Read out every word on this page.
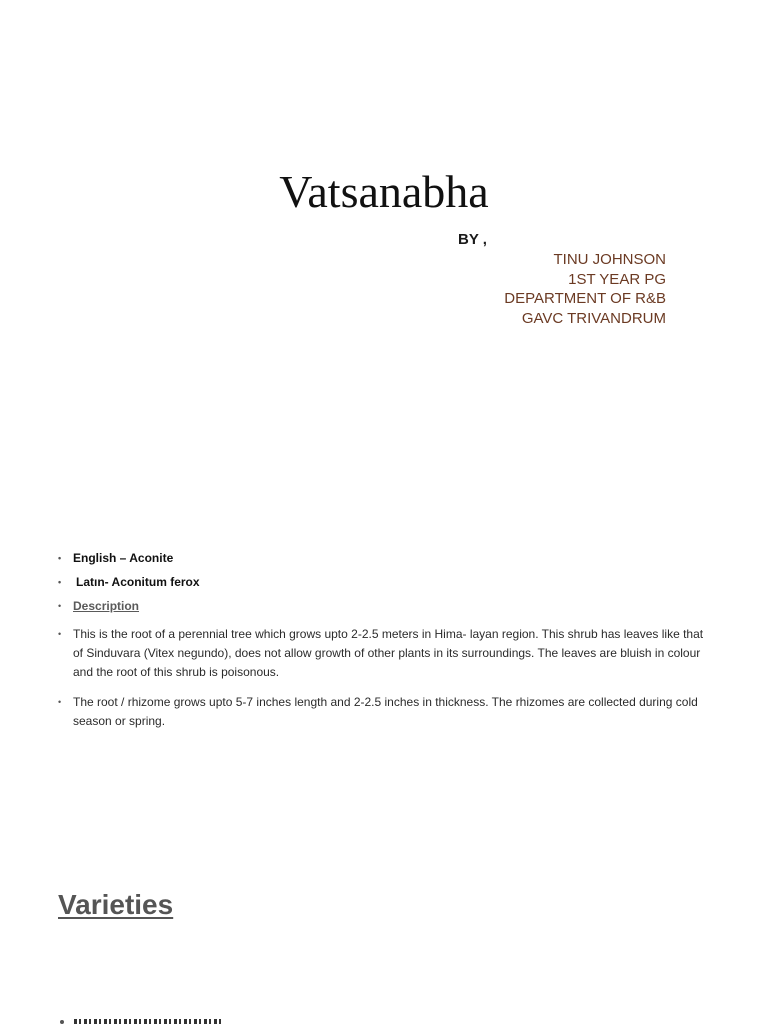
Vatsanabha
BY ,
TINU JOHNSON
1ST YEAR PG
DEPARTMENT OF R&B
GAVC TRIVANDRUM
• English – Aconite
• Latın- Aconitum ferox
• Description
• This is the root of a perennial tree which grows upto 2-2.5 meters in Hima- layan region. This shrub has leaves like that of Sinduvara (Vitex negundo), does not allow growth of other plants in its surroundings. The leaves are bluish in colour and the root of this shrub is poisonous.
• The root / rhizome grows upto 5-7 inches length and 2-2.5 inches in thickness. The rhizomes are collected during cold season or spring.
Varieties
